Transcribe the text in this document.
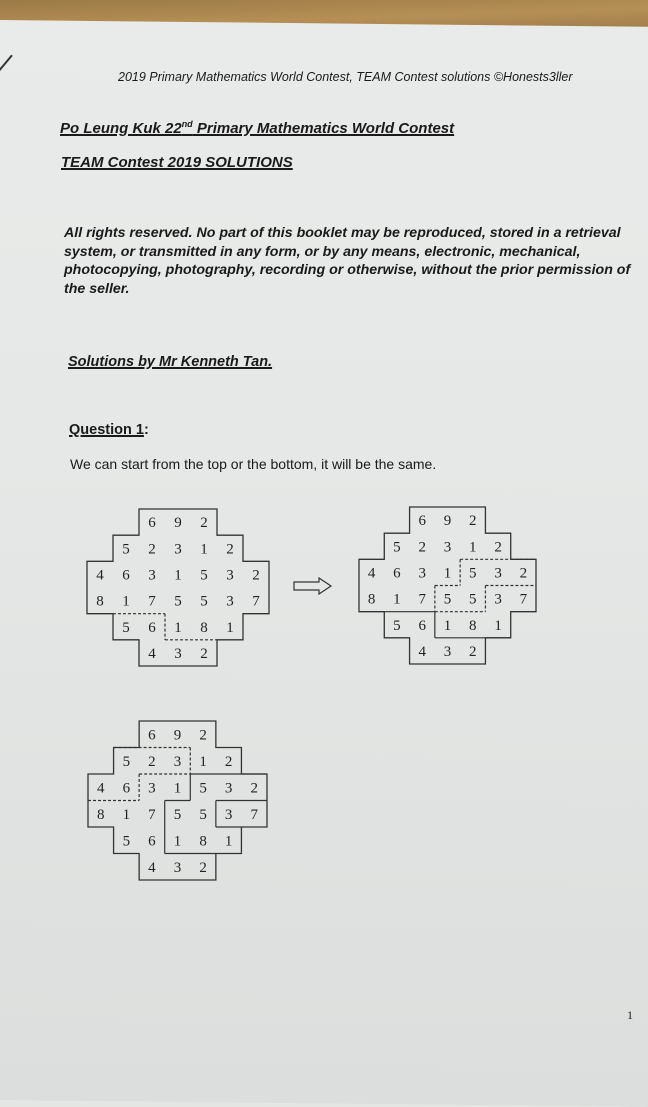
2019 Primary Mathematics World Contest, TEAM Contest solutions ©Honests3ller
Po Leung Kuk 22nd Primary Mathematics World Contest
TEAM Contest 2019 SOLUTIONS
All rights reserved. No part of this booklet may be reproduced, stored in a retrieval system, or transmitted in any form, or by any means, electronic, mechanical, photocopying, photography, recording or otherwise, without the prior permission of the seller.
Solutions by Mr Kenneth Tan.
Question 1:
We can start from the top or the bottom, it will be the same.
6 9 2
5 2 3 1 2
4 6 3 1 5 3 2
8 1 7 5 5 3 7
5 6 1 8 1
4 3 2
6 9 2
5 2 3 1 2
4 6 3 1 5 3 2
8 1 7 5 5 3 7
5 6 1 8 1
4 3 2
6 9 2
5 2 3 1 2
4 6 3 1 5 3 2
8 1 7 5 5 3 7
5 6 1 8 1
4 3 2
1
